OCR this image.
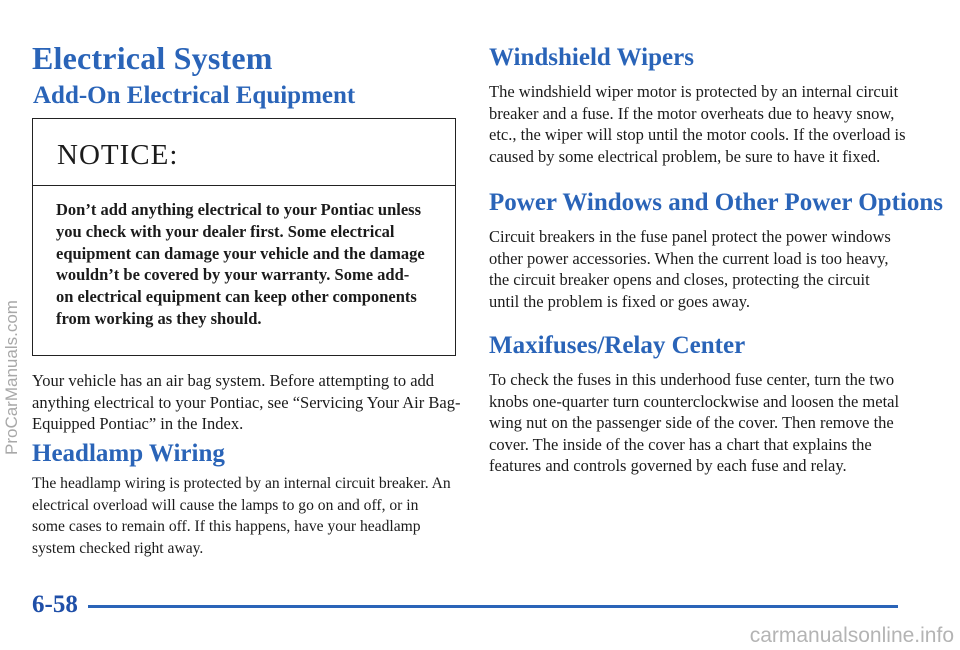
Electrical System
Add-On Electrical Equipment

NOTICE:

Don’t add anything electrical to your Pontiac unless you check with your dealer first. Some electrical equipment can damage your vehicle and the damage wouldn’t be covered by your warranty. Some add-on electrical equipment can keep other components from working as they should.

Your vehicle has an air bag system. Before attempting to add anything electrical to your Pontiac, see “Servicing Your Air Bag-Equipped Pontiac” in the Index.

Headlamp Wiring

The headlamp wiring is protected by an internal circuit breaker. An electrical overload will cause the lamps to go on and off, or in some cases to remain off. If this happens, have your headlamp system checked right away.

Windshield Wipers

The windshield wiper motor is protected by an internal circuit breaker and a fuse. If the motor overheats due to heavy snow, etc., the wiper will stop until the motor cools. If the overload is caused by some electrical problem, be sure to have it fixed.

Power Windows and Other Power Options

Circuit breakers in the fuse panel protect the power windows other power accessories. When the current load is too heavy, the circuit breaker opens and closes, protecting the circuit until the problem is fixed or goes away.

Maxifuses/Relay Center

To check the fuses in this underhood fuse center, turn the two knobs one-quarter turn counterclockwise and loosen the metal wing nut on the passenger side of the cover. Then remove the cover. The inside of the cover has a chart that explains the features and controls governed by each fuse and relay.

6-58

ProCarManuals.com

carmanualsonline.info
